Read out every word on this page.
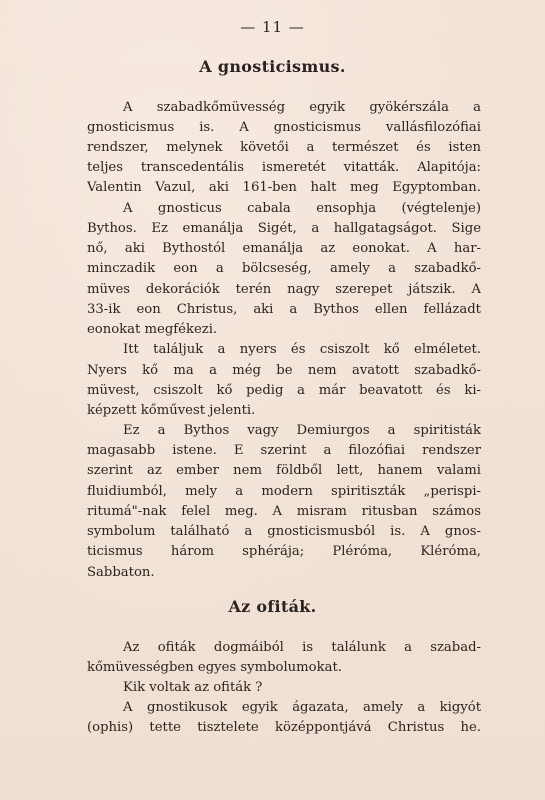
— 11 —
A gnosticismus.
A szabadkőmüvesség egyik gyökérszála a
gnosticismus is. A gnosticismus vallásfilozófiai
rendszer, melynek követői a természet és isten
teljes transcedentális ismeretét vitatták. Alapitója:
Valentin Vazul, aki 161-ben halt meg Egyptomban.
A gnosticus cabala ensophja (végtelenje)
Bythos. Ez emanálja Sigét, a hallgatagságot. Sige
nő, aki Bythostól emanálja az eonokat. A har-
minczadik eon a bölcseség, amely a szabadkő-
müves dekorációk terén nagy szerepet játszik. A
33-ik eon Christus, aki a Bythos ellen fellázadt
eonokat megfékezi.
Itt találjuk a nyers és csiszolt kő elméletet.
Nyers kő ma a még be nem avatott szabadkő-
müvest, csiszolt kő pedig a már beavatott és ki-
képzett kőművest jelenti.
Ez a Bythos vagy Demiurgos a spiritisták
magasabb istene. E szerint a filozófiai rendszer
szerint az ember nem földből lett, hanem valami
fluidiumból, mely a modern spiritiszták „perispi-
ritumá"-nak felel meg. A misram ritusban számos
symbolum található a gnosticismusból is. A gnos-
ticismus három sphérája; Pléróma, Kléróma,
Sabbaton.
Az ofiták.
Az ofiták dogmáiból is találunk a szabad-
kőmüvességben egyes symbolumokat.
Kik voltak az ofiták ?
A gnostikusok egyik ágazata, amely a kigyót
(ophis) tette tisztelete középpontjává Christus he.
